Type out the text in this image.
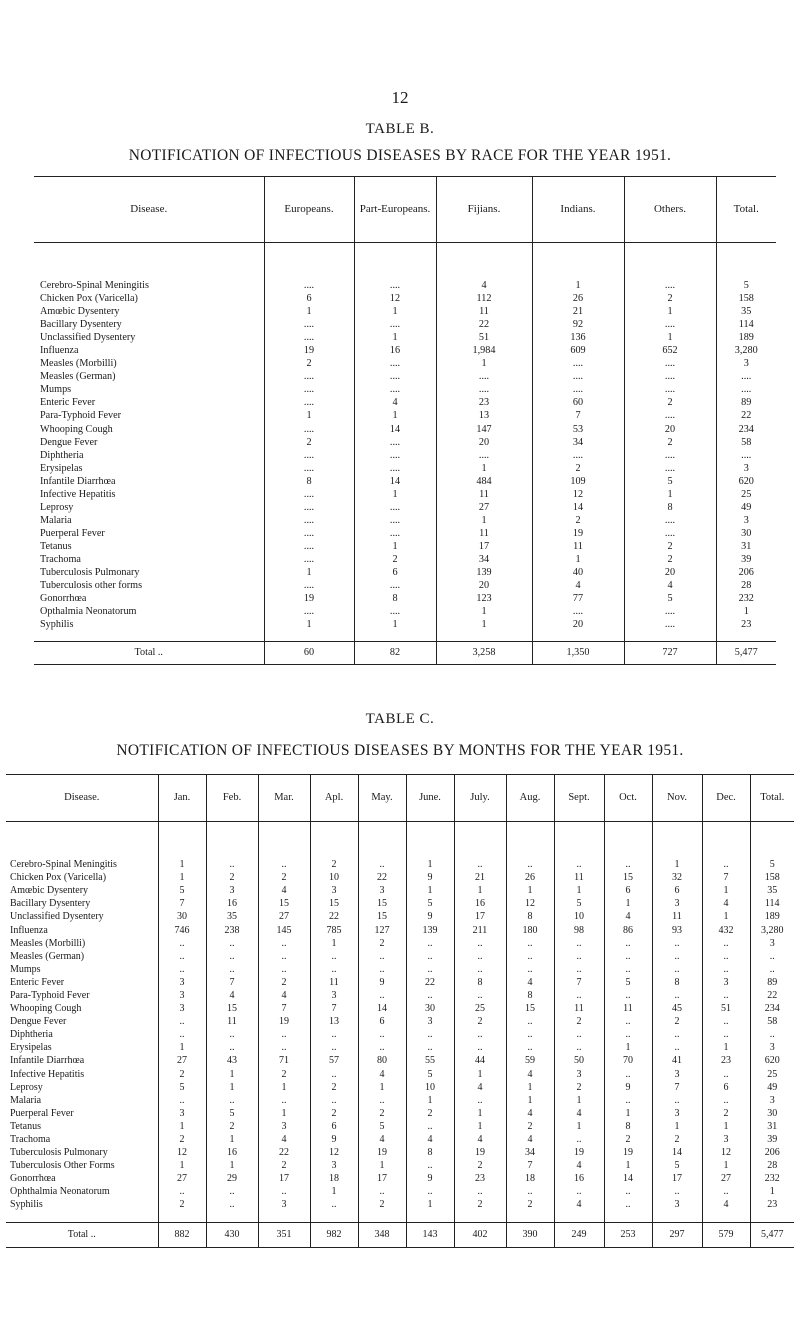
12
TABLE B.
NOTIFICATION OF INFECTIOUS DISEASES BY RACE FOR THE YEAR 1951.
Disease.	Europeans.	Part-Europeans.	Fijians.	Indians.	Others.	Total.

Cerebro-Spinal Meningitis	....	....	4	1	....	5
Chicken Pox (Varicella)	6	12	112	26	2	158
Amœbic Dysentery	1	1	11	21	1	35
Bacillary Dysentery	....	....	22	92	....	114
Unclassified Dysentery	....	1	51	136	1	189
Influenza	19	16	1,984	609	652	3,280
Measles (Morbilli)	2	....	1	....	....	3
Measles (German)	....	....	....	....	....	....
Mumps	....	....	....	....	....	....
Enteric Fever	....	4	23	60	2	89
Para-Typhoid Fever	1	1	13	7	....	22
Whooping Cough	....	14	147	53	20	234
Dengue Fever	2	....	20	34	2	58
Diphtheria	....	....	....	....	....	....
Erysipelas	....	....	1	2	....	3
Infantile Diarrhœa	8	14	484	109	5	620
Infective Hepatitis	....	1	11	12	1	25
Leprosy	....	....	27	14	8	49
Malaria	....	....	1	2	....	3
Puerperal Fever	....	....	11	19	....	30
Tetanus	....	1	17	11	2	31
Trachoma	....	2	34	1	2	39
Tuberculosis Pulmonary	1	6	139	40	20	206
Tuberculosis other forms	....	....	20	4	4	28
Gonorrhœa	19	8	123	77	5	232
Opthalmia Neonatorum	....	....	1	....	....	1
Syphilis	1	1	1	20	....	23

Total ..	60	82	3,258	1,350	727	5,477
TABLE C.
NOTIFICATION OF INFECTIOUS DISEASES BY MONTHS FOR THE YEAR 1951.
Disease.	Jan.	Feb.	Mar.	Apl.	May.	June.	July.	Aug.	Sept.	Oct.	Nov.	Dec.	Total.

Cerebro-Spinal Meningitis	1	..	..	2	..	1	..	..	..	..	1	..	5
Chicken Pox (Varicella)	1	2	2	10	22	9	21	26	11	15	32	7	158
Amœbic Dysentery	5	3	4	3	3	1	1	1	1	6	6	1	35
Bacillary Dysentery	7	16	15	15	15	5	16	12	5	1	3	4	114
Unclassified Dysentery	30	35	27	22	15	9	17	8	10	4	11	1	189
Influenza	746	238	145	785	127	139	211	180	98	86	93	432	3,280
Measles (Morbilli)	..	..	..	1	2	..	..	..	..	..	..	..	3
Measles (German)	..	..	..	..	..	..	..	..	..	..	..	..	..
Mumps	..	..	..	..	..	..	..	..	..	..	..	..	..
Enteric Fever	3	7	2	11	9	22	8	4	7	5	8	3	89
Para-Typhoid Fever	3	4	4	3	..	..	..	8	..	..	..	..	22
Whooping Cough	3	15	7	7	14	30	25	15	11	11	45	51	234
Dengue Fever	..	11	19	13	6	3	2	..	2	..	2	..	58
Diphtheria	..	..	..	..	..	..	..	..	..	..	..	..	..
Erysipelas	1	..	..	..	..	..	..	..	..	1	..	1	3
Infantile Diarrhœa	27	43	71	57	80	55	44	59	50	70	41	23	620
Infective Hepatitis	2	1	2	..	4	5	1	4	3	..	3	..	25
Leprosy	5	1	1	2	1	10	4	1	2	9	7	6	49
Malaria	..	..	..	..	..	1	..	1	1	..	..	..	3
Puerperal Fever	3	5	1	2	2	2	1	4	4	1	3	2	30
Tetanus	1	2	3	6	5	..	1	2	1	8	1	1	31
Trachoma	2	1	4	9	4	4	4	4	..	2	2	3	39
Tuberculosis Pulmonary	12	16	22	12	19	8	19	34	19	19	14	12	206
Tuberculosis Other Forms	1	1	2	3	1	..	2	7	4	1	5	1	28
Gonorrhœa	27	29	17	18	17	9	23	18	16	14	17	27	232
Ophthalmia Neonatorum	..	..	..	1	..	..	..	..	..	..	..	..	1
Syphilis	2	..	3	..	2	1	2	2	4	..	3	4	23

Total ..	882	430	351	982	348	143	402	390	249	253	297	579	5,477
